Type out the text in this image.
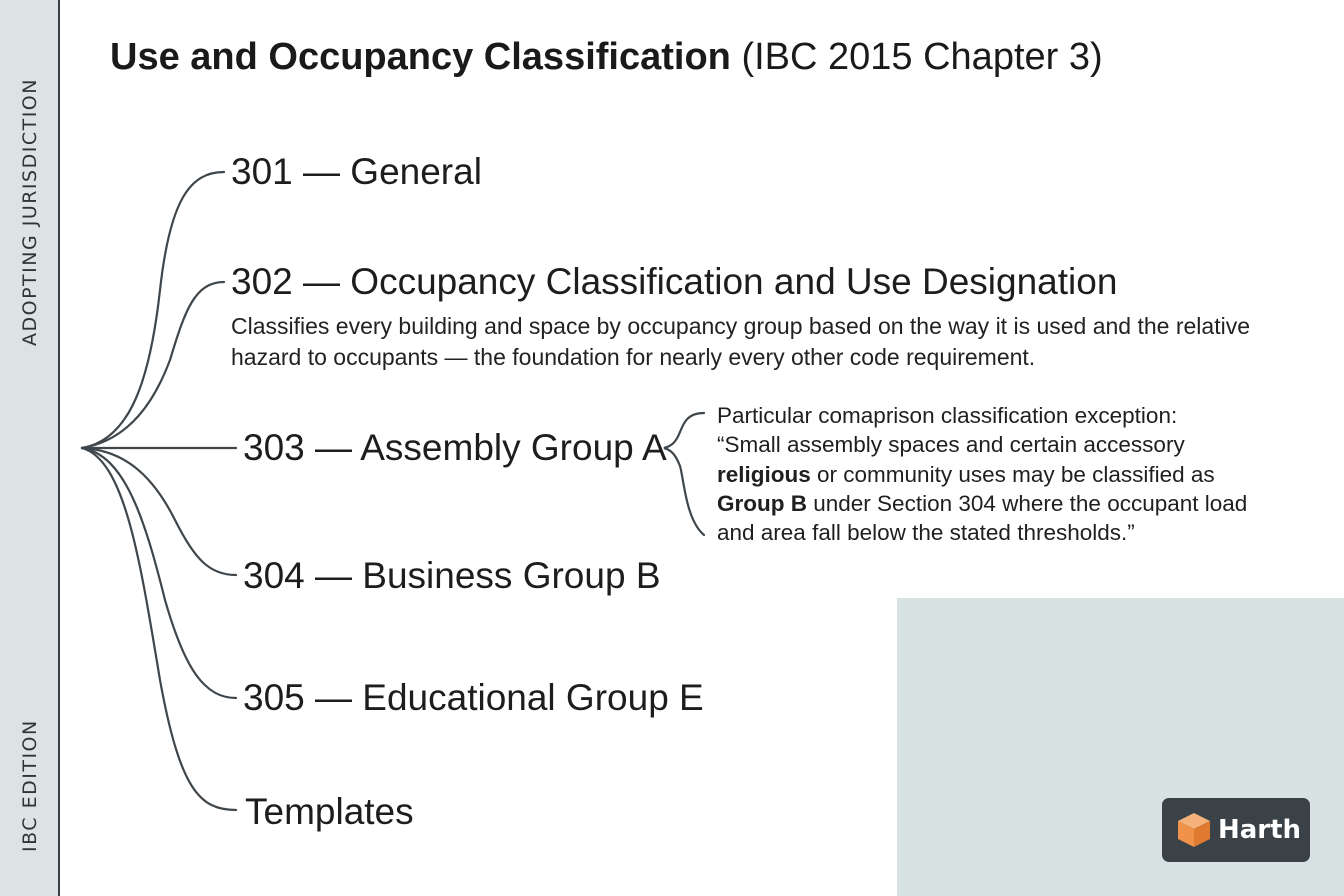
ADOPTING JURISDICTION
IBC EDITION
Use and Occupancy Classification (IBC 2015 Chapter 3)
301 — General
302 — Occupancy Classification and Use Designation
Classifies every building and space by occupancy group based on the way it is used and the relative hazard to occupants — the foundation for nearly every other code requirement.
303 — Assembly Group A
304 — Business Group B
305 — Educational Group E
Templates
Particular comaprison classification exception:
“Small assembly spaces and certain accessory
religious or community uses may be classified as
Group B under Section 304 where the occupant load
and area fall below the stated thresholds.”
Harth
